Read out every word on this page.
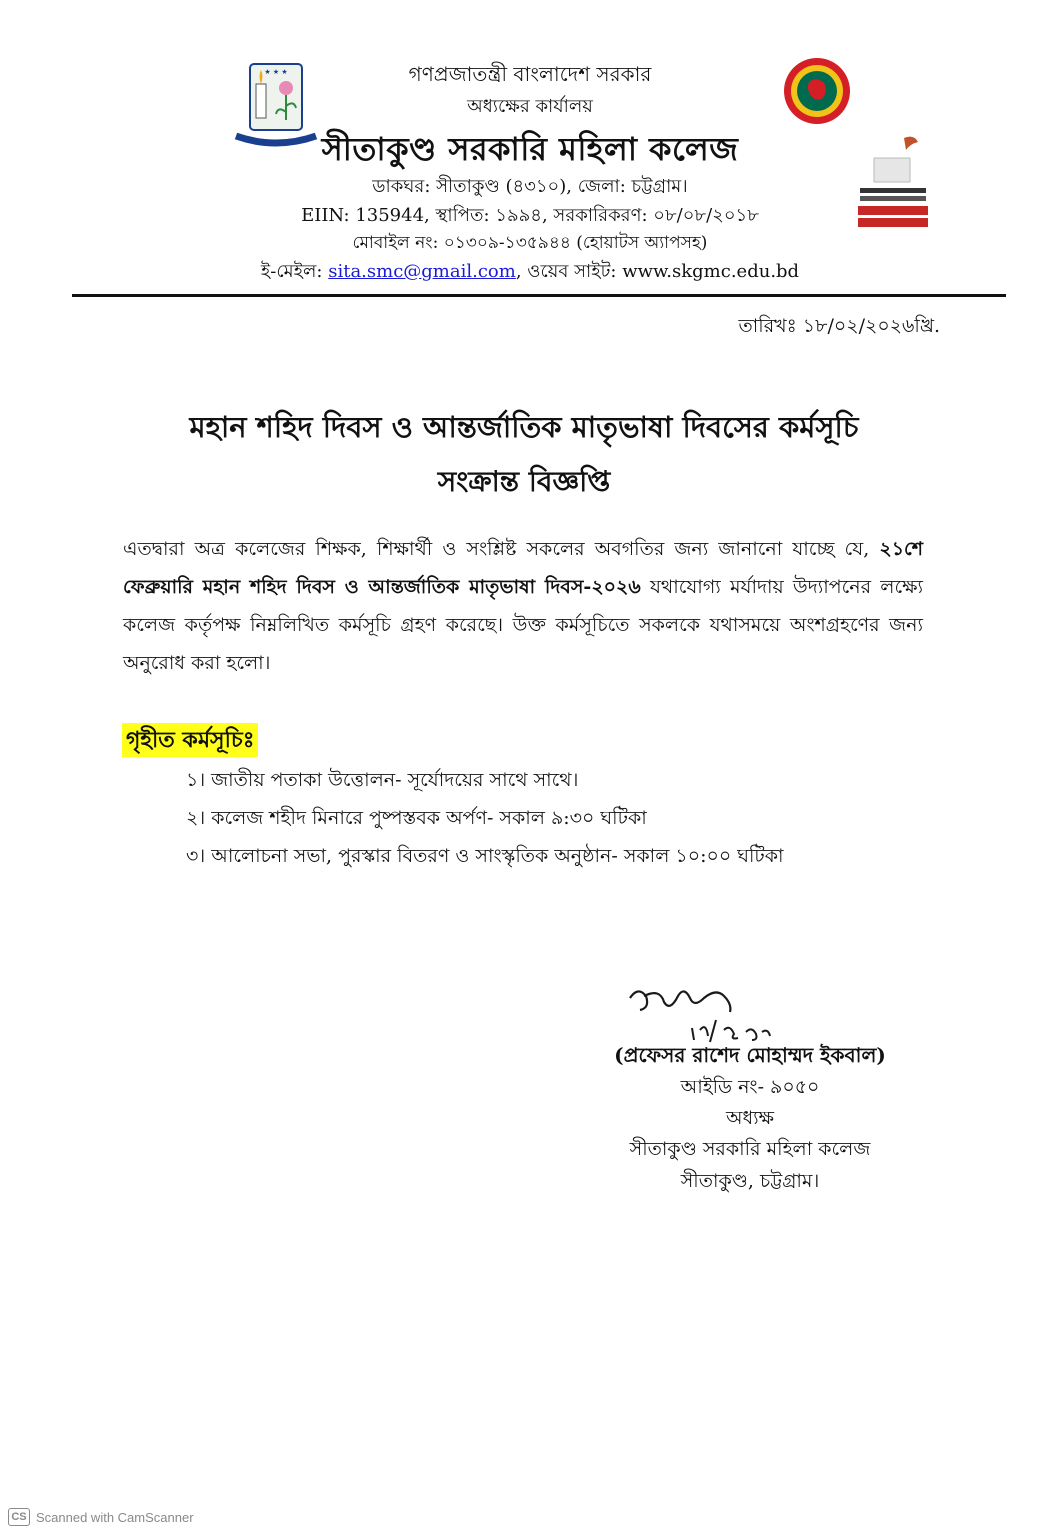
★ ★ ★	গণপ্রজাতন্ত্রী বাংলাদেশ সরকার
অধ্যক্ষের কার্যালয়
সীতাকুণ্ড সরকারি মহিলা কলেজ
ডাকঘর: সীতাকুণ্ড (৪৩১০), জেলা: চট্টগ্রাম।
EIIN: 135944, স্থাপিত: ১৯৯৪, সরকারিকরণ: ০৮/০৮/২০১৮
মোবাইল নং: ০১৩০৯-১৩৫৯৪৪ (হোয়াটস অ্যাপসহ)
ই-মেইল: sita.smc@gmail.com, ওয়েব সাইট: www.skgmc.edu.bd
তারিখঃ ১৮/০২/২০২৬খ্রি.
মহান শহিদ দিবস ও আন্তর্জাতিক মাতৃভাষা দিবসের কর্মসূচি
সংক্রান্ত বিজ্ঞপ্তি
এতদ্বারা অত্র কলেজের শিক্ষক, শিক্ষার্থী ও সংশ্লিষ্ট সকলের অবগতির জন্য জানানো যাচ্ছে যে, ২১শে ফেব্রুয়ারি মহান শহিদ দিবস ও আন্তর্জাতিক মাতৃভাষা দিবস-২০২৬ যথাযোগ্য মর্যাদায় উদ্যাপনের লক্ষ্যে কলেজ কর্তৃপক্ষ নিম্নলিখিত কর্মসূচি গ্রহণ করেছে। উক্ত কর্মসূচিতে সকলকে যথাসময়ে অংশগ্রহণের জন্য অনুরোধ করা হলো।
গৃহীত কর্মসূচিঃ
১। জাতীয় পতাকা উত্তোলন- সূর্যোদয়ের সাথে সাথে।
২। কলেজ শহীদ মিনারে পুষ্পস্তবক অর্পণ- সকাল ৯:৩০ ঘটিকা
৩। আলোচনা সভা, পুরস্কার বিতরণ ও সাংস্কৃতিক অনুষ্ঠান- সকাল ১০:০০ ঘটিকা
(প্রফেসর রাশেদ মোহাম্মদ ইকবাল)
আইডি নং- ৯০৫০
অধ্যক্ষ
সীতাকুণ্ড সরকারি মহিলা কলেজ
সীতাকুণ্ড, চট্টগ্রাম।
CS Scanned with CamScanner
